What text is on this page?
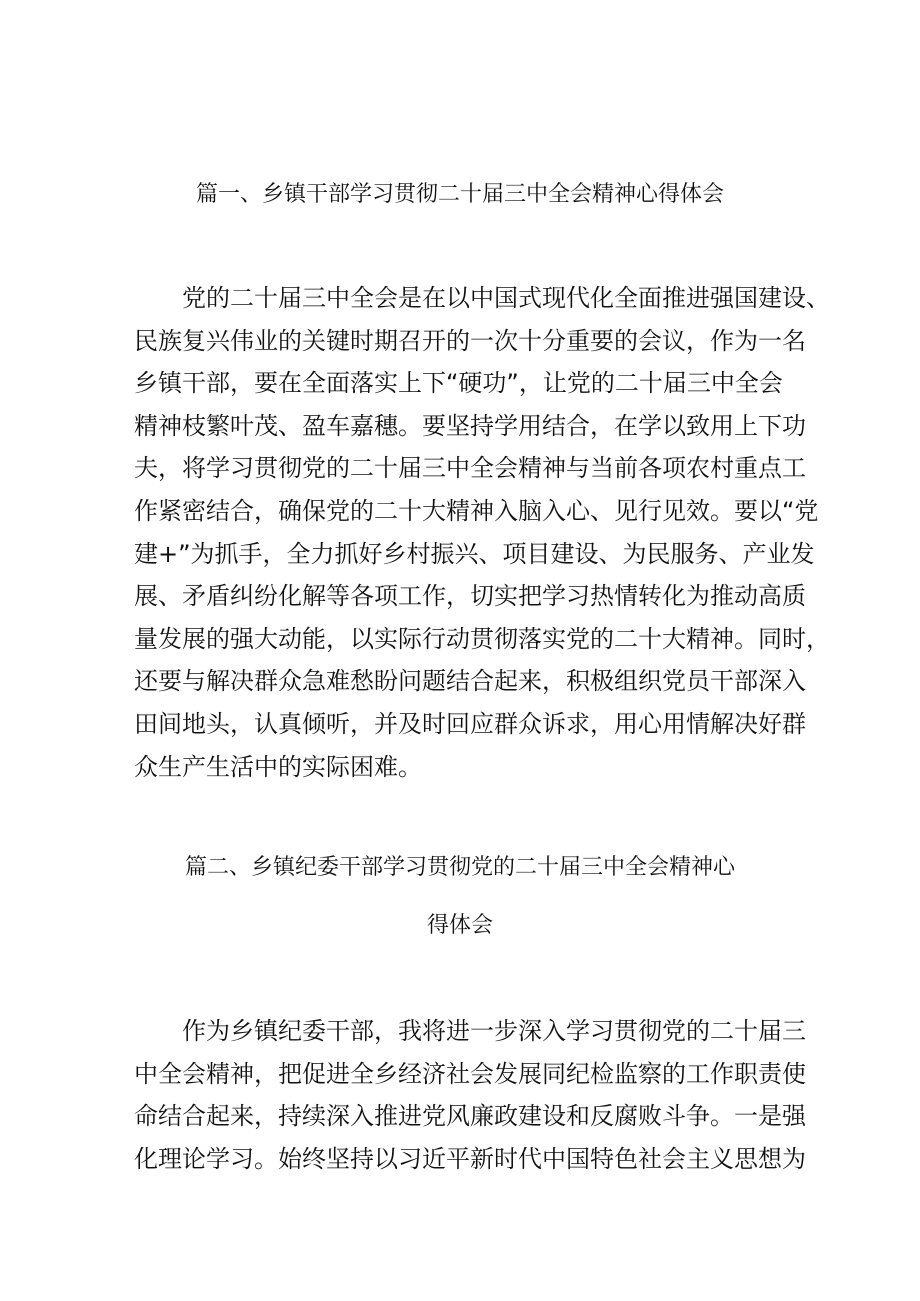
篇一、乡镇干部学习贯彻二十届三中全会精神心得体会
党的二十届三中全会是在以中国式现代化全面推进强国建设、
民族复兴伟业的关键时期召开的一次十分重要的会议，作为一名
乡镇干部，要在全面落实上下“硬功”，让党的二十届三中全会
精神枝繁叶茂、盈车嘉穗。要坚持学用结合，在学以致用上下功
夫，将学习贯彻党的二十届三中全会精神与当前各项农村重点工
作紧密结合，确保党的二十大精神入脑入心、见行见效。要以“党
建+”为抓手，全力抓好乡村振兴、项目建设、为民服务、产业发
展、矛盾纠纷化解等各项工作，切实把学习热情转化为推动高质
量发展的强大动能，以实际行动贯彻落实党的二十大精神。同时，
还要与解决群众急难愁盼问题结合起来，积极组织党员干部深入
田间地头，认真倾听，并及时回应群众诉求，用心用情解决好群
众生产生活中的实际困难。
篇二、乡镇纪委干部学习贯彻党的二十届三中全会精神心
得体会
作为乡镇纪委干部，我将进一步深入学习贯彻党的二十届三
中全会精神，把促进全乡经济社会发展同纪检监察的工作职责使
命结合起来，持续深入推进党风廉政建设和反腐败斗争。一是强
化理论学习。始终坚持以习近平新时代中国特色社会主义思想为
